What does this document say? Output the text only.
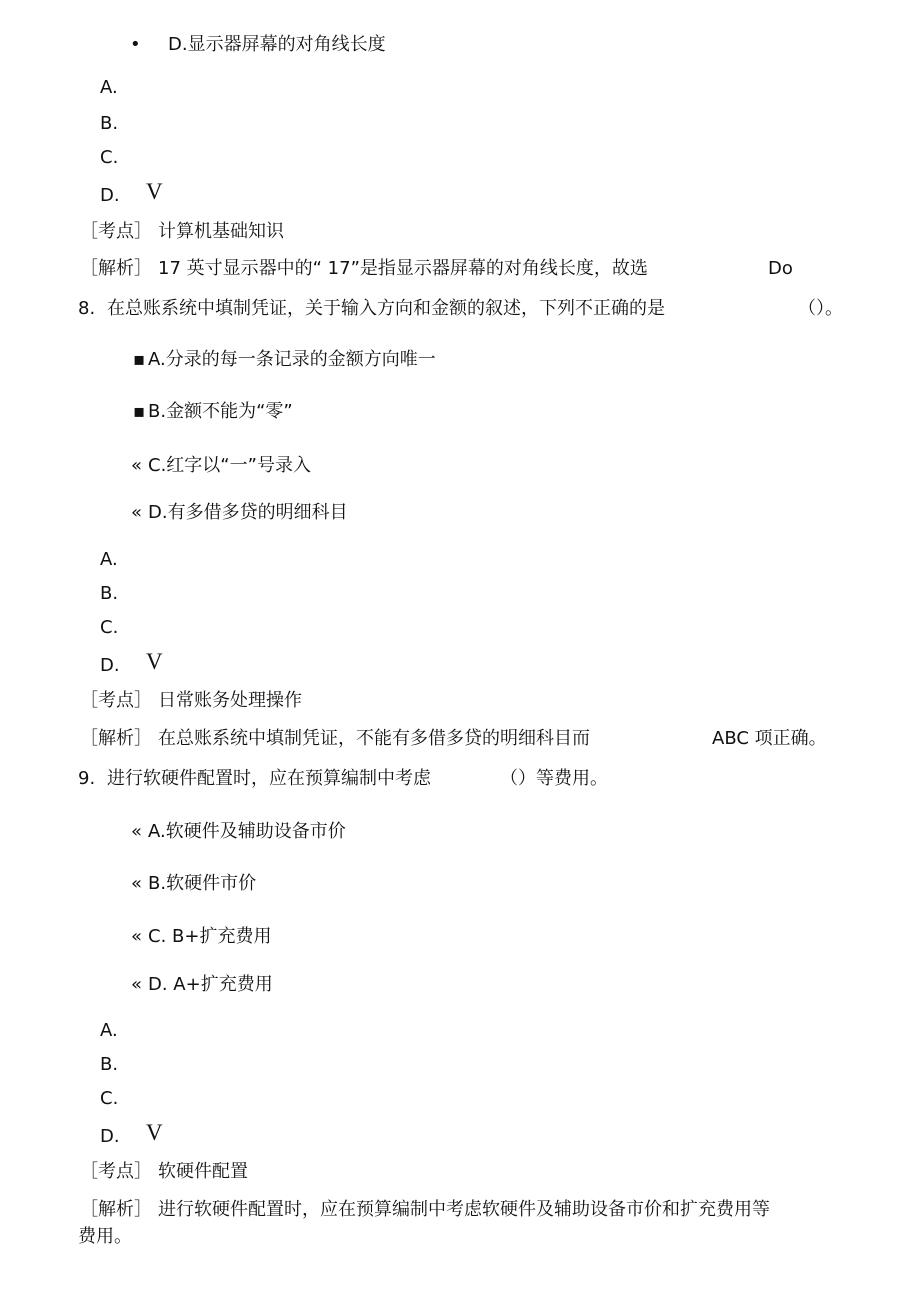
• D.显示器屏幕的对角线长度
A.
B.
C.
D. V
［考点］ 计算机基础知识
［解析］ 17 英寸显示器中的“ 17”是指显示器屏幕的对角线长度，故选	Do
8. 在总账系统中填制凭证，关于输入方向和金额的叙述，下列不正确的是	（）。
▪ A.分录的每一条记录的金额方向唯一
▪ B.金额不能为“零”
« C.红字以“一”号录入
« D.有多借多贷的明细科目
A.
B.
C.
D. V
［考点］ 日常账务处理操作
［解析］ 在总账系统中填制凭证，不能有多借多贷的明细科目而	ABC 项正确。
9. 进行软硬件配置时，应在预算编制中考虑	（）等费用。
« A.软硬件及辅助设备市价
« B.软硬件市价
« C. B+扩充费用
« D. A+扩充费用
A.
B.
C.
D. V
［考点］ 软硬件配置
［解析］ 进行软硬件配置时，应在预算编制中考虑软硬件及辅助设备市价和扩充费用等
费用。
